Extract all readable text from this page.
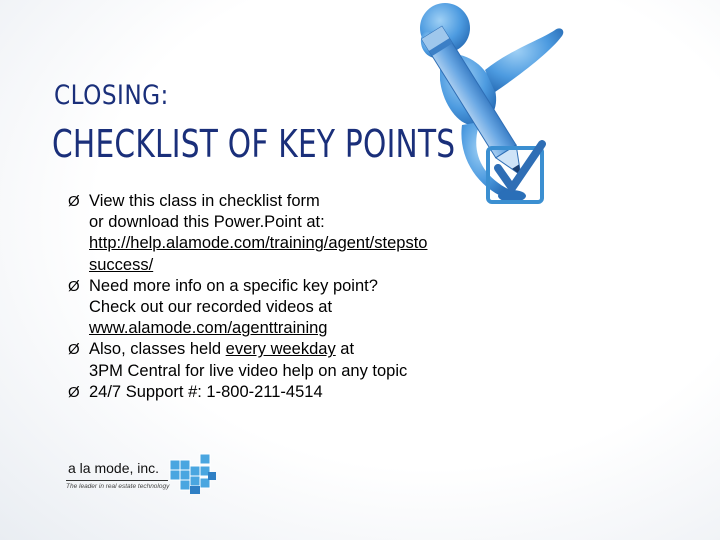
CLOSING:
CHECKLIST OF KEY POINTS
Ø View this class in checklist form
or download this Power.Point at:
http://help.alamode.com/training/agent/stepsto
success/
Ø Need more info on a specific key point?
Check out our recorded videos at
www.alamode.com/agenttraining
Ø Also, classes held every weekday at
3PM Central for live video help on any topic
Ø 24/7 Support #: 1-800-211-4514
a la mode, inc.
The leader in real estate technology
